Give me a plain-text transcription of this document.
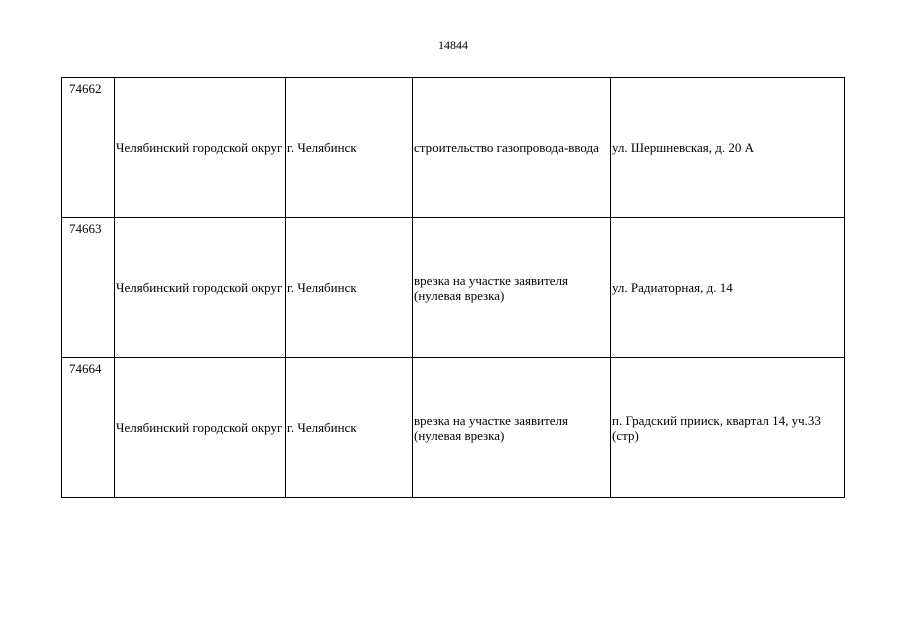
14844
74662	Челябинский городской округ	г. Челябинск	строительство газопровода-ввода	ул. Шершневская, д. 20 А

74663	Челябинский городской округ	г. Челябинск	врезка на участке заявителя (нулевая врезка)	ул. Радиаторная, д. 14

74664	Челябинский городской округ	г. Челябинск	врезка на участке заявителя (нулевая врезка)	п. Градский прииск, квартал 14, уч.33 (стр)
